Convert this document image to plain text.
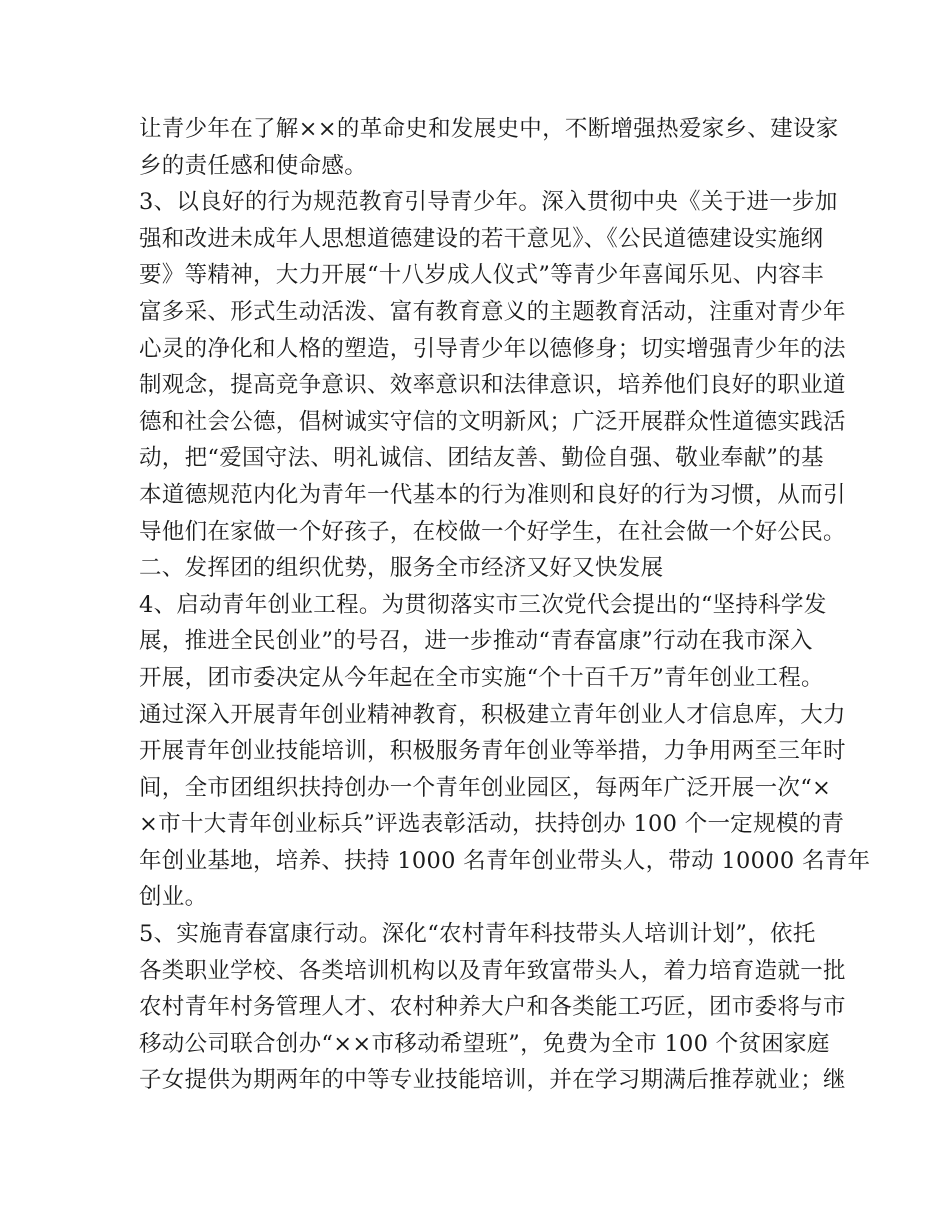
让青少年在了解××的革命史和发展史中，不断增强热爱家乡、建设家
乡的责任感和使命感。
3、以良好的行为规范教育引导青少年。深入贯彻中央《关于进一步加
强和改进未成年人思想道德建设的若干意见》、《公民道德建设实施纲
要》等精神，大力开展“十八岁成人仪式”等青少年喜闻乐见、内容丰
富多采、形式生动活泼、富有教育意义的主题教育活动，注重对青少年
心灵的净化和人格的塑造，引导青少年以德修身；切实增强青少年的法
制观念，提高竞争意识、效率意识和法律意识，培养他们良好的职业道
德和社会公德，倡树诚实守信的文明新风；广泛开展群众性道德实践活
动，把“爱国守法、明礼诚信、团结友善、勤俭自强、敬业奉献”的基
本道德规范内化为青年一代基本的行为准则和良好的行为习惯，从而引
导他们在家做一个好孩子，在校做一个好学生，在社会做一个好公民。
二、发挥团的组织优势，服务全市经济又好又快发展
4、启动青年创业工程。为贯彻落实市三次党代会提出的“坚持科学发
展，推进全民创业”的号召，进一步推动“青春富康”行动在我市深入
开展，团市委决定从今年起在全市实施“个十百千万”青年创业工程。
通过深入开展青年创业精神教育，积极建立青年创业人才信息库，大力
开展青年创业技能培训，积极服务青年创业等举措，力争用两至三年时
间，全市团组织扶持创办一个青年创业园区，每两年广泛开展一次“×
×市十大青年创业标兵”评选表彰活动，扶持创办 100 个一定规模的青
年创业基地，培养、扶持 1000 名青年创业带头人，带动 10000 名青年
创业。
5、实施青春富康行动。深化“农村青年科技带头人培训计划”，依托
各类职业学校、各类培训机构以及青年致富带头人，着力培育造就一批
农村青年村务管理人才、农村种养大户和各类能工巧匠，团市委将与市
移动公司联合创办“××市移动希望班”，免费为全市 100 个贫困家庭
子女提供为期两年的中等专业技能培训，并在学习期满后推荐就业；继
